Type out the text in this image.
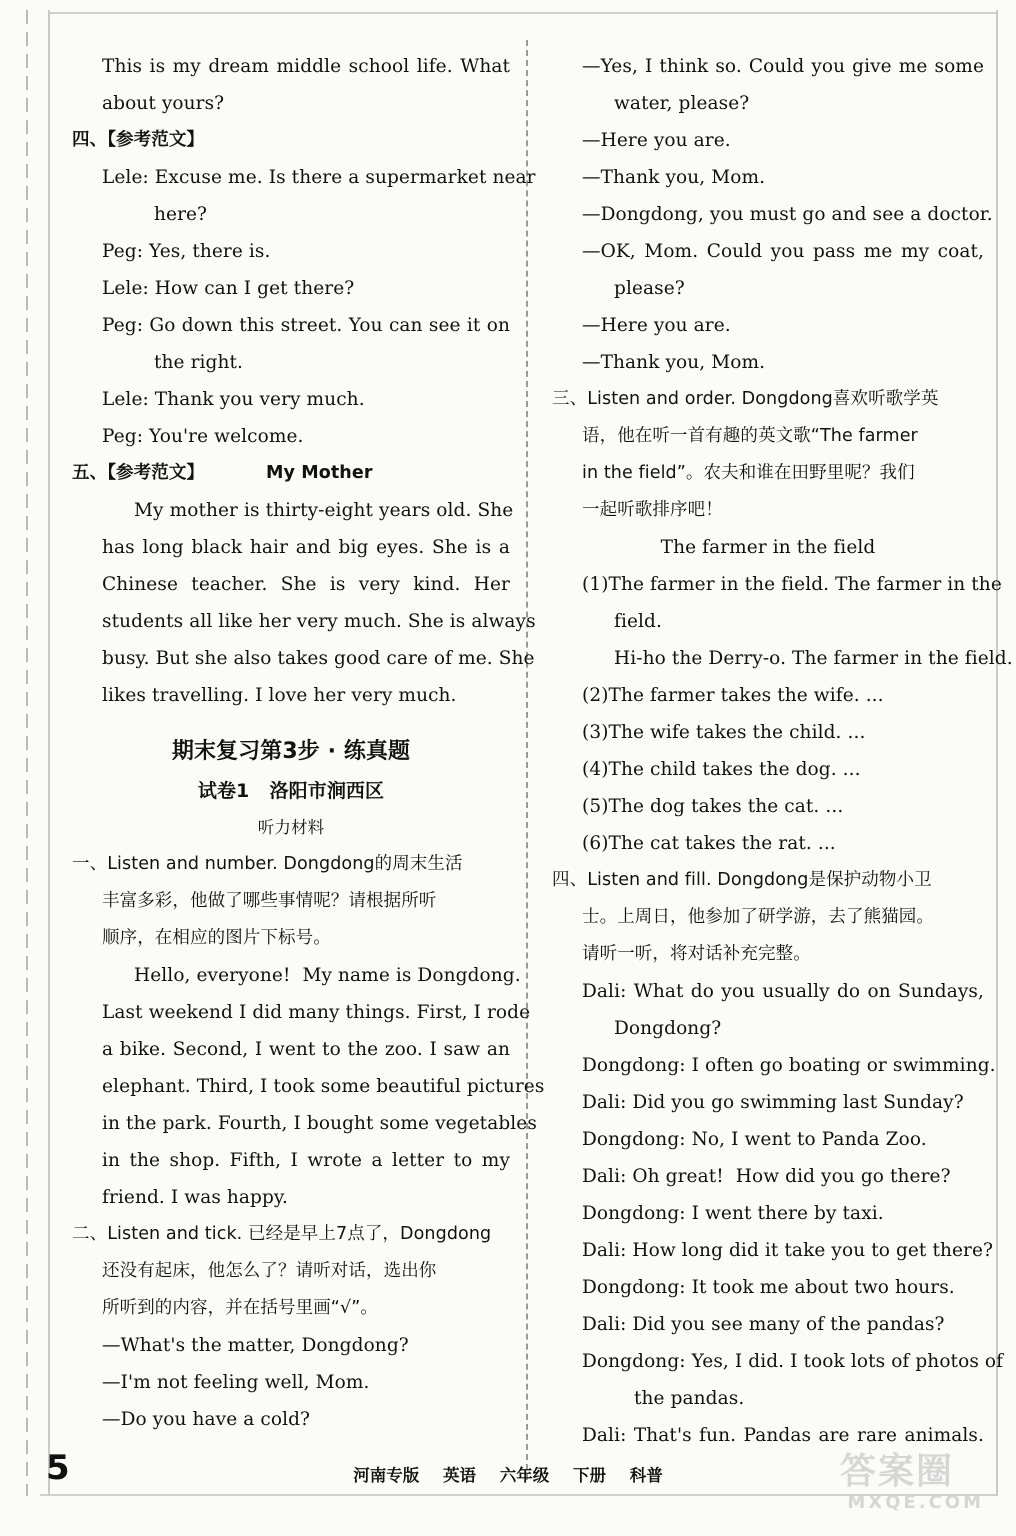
This is my dream middle school life. What
about yours?
四、【参考范文】
Lele: Excuse me. Is there a supermarket near
here?
Peg: Yes, there is.
Lele: How can I get there?
Peg: Go down this street. You can see it on
the right.
Lele: Thank you very much.
Peg: You're welcome.
五、【参考范文】          My Mother
My mother is thirty-eight years old. She
has long black hair and big eyes. She is a
Chinese teacher. She is very kind. Her
students all like her very much. She is always
busy. But she also takes good care of me. She
likes travelling. I love her very much.
期末复习第3步 · 练真题
试卷1   洛阳市涧西区
听力材料
一、Listen and number. Dongdong的周末生活
丰富多彩，他做了哪些事情呢？请根据所听
顺序，在相应的图片下标号。
Hello, everyone!  My name is Dongdong.
Last weekend I did many things. First, I rode
a bike. Second, I went to the zoo. I saw an
elephant. Third, I took some beautiful pictures
in the park. Fourth, I bought some vegetables
in the shop. Fifth, I wrote a letter to my
friend. I was happy.
二、Listen and tick. 已经是早上7点了，Dongdong
还没有起床，他怎么了？请听对话，选出你
所听到的内容，并在括号里画“√”。
—What's the matter, Dongdong?
—I'm not feeling well, Mom.
—Do you have a cold?
—Yes, I think so. Could you give me some
water, please?
—Here you are.
—Thank you, Mom.
—Dongdong, you must go and see a doctor.
—OK, Mom. Could you pass me my coat,
please?
—Here you are.
—Thank you, Mom.
三、Listen and order. Dongdong喜欢听歌学英
语，他在听一首有趣的英文歌“The farmer
in the field”。农夫和谁在田野里呢？我们
一起听歌排序吧！
The farmer in the field
(1)The farmer in the field. The farmer in the
field.
Hi-ho the Derry-o. The farmer in the field.
(2)The farmer takes the wife. ...
(3)The wife takes the child. ...
(4)The child takes the dog. ...
(5)The dog takes the cat. ...
(6)The cat takes the rat. ...
四、Listen and fill. Dongdong是保护动物小卫
士。上周日，他参加了研学游，去了熊猫园。
请听一听，将对话补充完整。
Dali: What do you usually do on Sundays,
Dongdong?
Dongdong: I often go boating or swimming.
Dali: Did you go swimming last Sunday?
Dongdong: No, I went to Panda Zoo.
Dali: Oh great!  How did you go there?
Dongdong: I went there by taxi.
Dali: How long did it take you to get there?
Dongdong: It took me about two hours.
Dali: Did you see many of the pandas?
Dongdong: Yes, I did. I took lots of photos of
the pandas.
Dali: That's fun. Pandas are rare animals.
5	河南专版 英语 六年级 下册 科普	答案圈
MXQE.COM
